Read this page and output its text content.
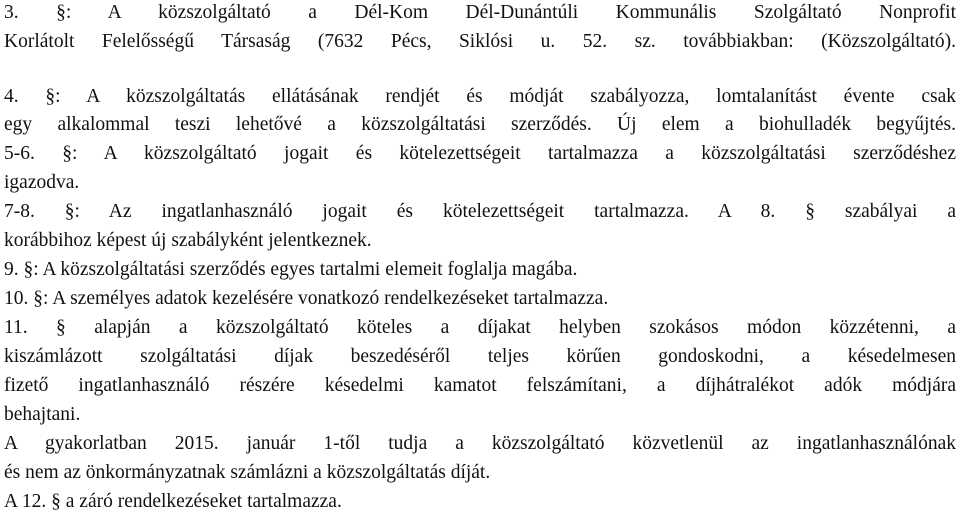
3. §: A közszolgáltató a Dél-Kom Dél-Dunántúli Kommunális Szolgáltató Nonprofit
Korlátolt Felelősségű Társaság (7632 Pécs, Siklósi u. 52. sz. továbbiakban: (Közszolgáltató).
4. §: A közszolgáltatás ellátásának rendjét és módját szabályozza, lomtalanítást évente csak
egy alkalommal teszi lehetővé a közszolgáltatási szerződés. Új elem a biohulladék begyűjtés.
5-6. §: A közszolgáltató jogait és kötelezettségeit tartalmazza a közszolgáltatási szerződéshez
igazodva.
7-8. §: Az ingatlanhasználó jogait és kötelezettségeit tartalmazza. A 8. § szabályai a
korábbihoz képest új szabályként jelentkeznek.
9. §: A közszolgáltatási szerződés egyes tartalmi elemeit foglalja magába.
10. §: A személyes adatok kezelésére vonatkozó rendelkezéseket tartalmazza.
11. § alapján a közszolgáltató köteles a díjakat helyben szokásos módon közzétenni, a
kiszámlázott szolgáltatási díjak beszedéséről teljes körűen gondoskodni, a késedelmesen
fizető ingatlanhasználó részére késedelmi kamatot felszámítani, a díjhátralékot adók módjára
behajtani.
A gyakorlatban 2015. január 1-től tudja a közszolgáltató közvetlenül az ingatlanhasználónak
és nem az önkormányzatnak számlázni a közszolgáltatás díját.
A 12. § a záró rendelkezéseket tartalmazza.
